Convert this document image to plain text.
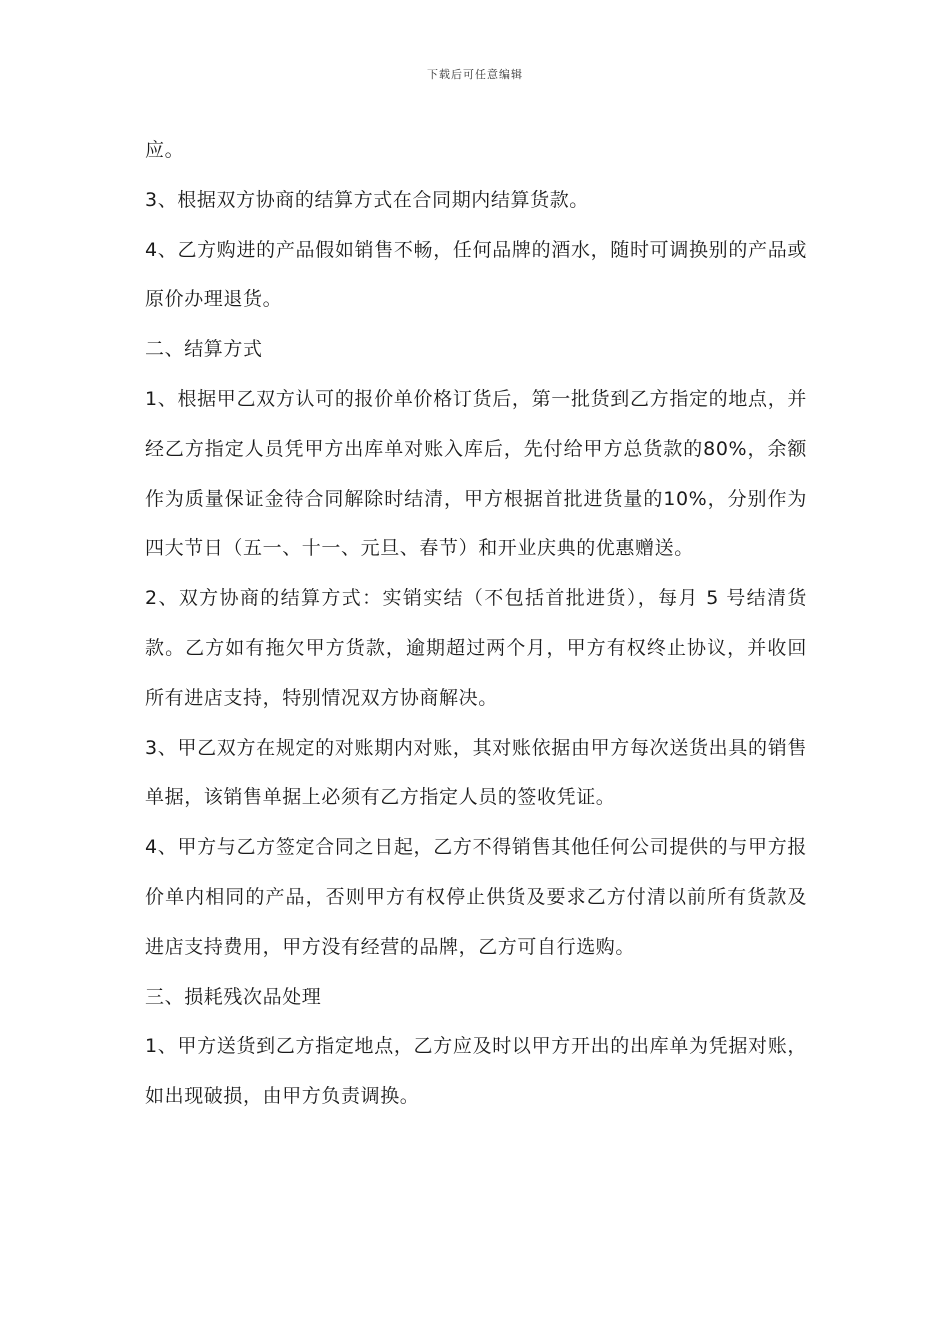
下载后可任意编辑

应。

3、根据双方协商的结算方式在合同期内结算货款。

4、乙方购进的产品假如销售不畅，任何品牌的酒水，随时可调换别的产品或原价办理退货。

二、结算方式

1、根据甲乙双方认可的报价单价格订货后，第一批货到乙方指定的地点，并经乙方指定人员凭甲方出库单对账入库后，先付给甲方总货款的80%，余额作为质量保证金待合同解除时结清，甲方根据首批进货量的10%，分别作为四大节日（五一、十一、元旦、春节）和开业庆典的优惠赠送。

2、双方协商的结算方式：实销实结（不包括首批进货），每月 5 号结清货款。乙方如有拖欠甲方货款，逾期超过两个月，甲方有权终止协议，并收回所有进店支持，特别情况双方协商解决。

3、甲乙双方在规定的对账期内对账，其对账依据由甲方每次送货出具的销售单据，该销售单据上必须有乙方指定人员的签收凭证。

4、甲方与乙方签定合同之日起，乙方不得销售其他任何公司提供的与甲方报价单内相同的产品，否则甲方有权停止供货及要求乙方付清以前所有货款及进店支持费用，甲方没有经营的品牌，乙方可自行选购。

三、损耗残次品处理

1、甲方送货到乙方指定地点，乙方应及时以甲方开出的出库单为凭据对账，如出现破损，由甲方负责调换。
